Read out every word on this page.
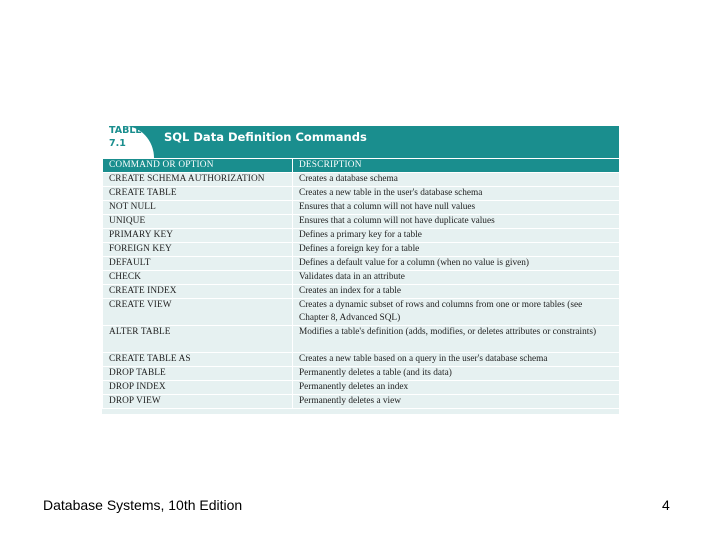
TABLE
7.1	SQL Data Definition Commands
COMMAND OR OPTION	DESCRIPTION
CREATE SCHEMA AUTHORIZATION	Creates a database schema
CREATE TABLE	Creates a new table in the user's database schema
NOT NULL	Ensures that a column will not have null values
UNIQUE	Ensures that a column will not have duplicate values
PRIMARY KEY	Defines a primary key for a table
FOREIGN KEY	Defines a foreign key for a table
DEFAULT	Defines a default value for a column (when no value is given)
CHECK	Validates data in an attribute
CREATE INDEX	Creates an index for a table
CREATE VIEW	Creates a dynamic subset of rows and columns from one or more tables (see Chapter 8, Advanced SQL)
ALTER TABLE	Modifies a table's definition (adds, modifies, or deletes attributes or constraints)
CREATE TABLE AS	Creates a new table based on a query in the user's database schema
DROP TABLE	Permanently deletes a table (and its data)
DROP INDEX	Permanently deletes an index
DROP VIEW	Permanently deletes a view
Database Systems, 10th Edition	4
